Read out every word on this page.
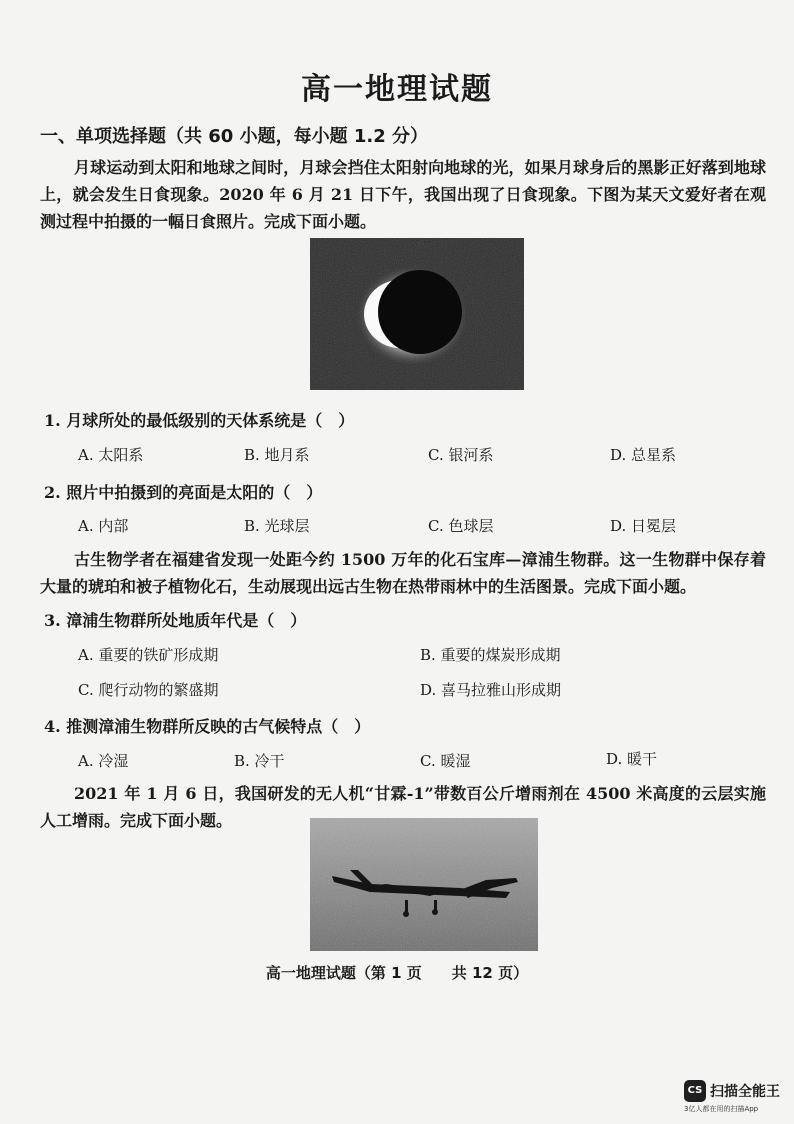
高一地理试题
一、单项选择题（共 60 小题，每小题 1.2 分）
月球运动到太阳和地球之间时，月球会挡住太阳射向地球的光，如果月球身后的黑影正好落到地球上，就会发生日食现象。2020 年 6 月 21 日下午，我国出现了日食现象。下图为某天文爱好者在观测过程中拍摄的一幅日食照片。完成下面小题。
1. 月球所处的最低级别的天体系统是（　）
A. 太阳系	B. 地月系	C. 银河系	D. 总星系
2. 照片中拍摄到的亮面是太阳的（　）
A. 内部	B. 光球层	C. 色球层	D. 日冕层
古生物学者在福建省发现一处距今约 1500 万年的化石宝库—漳浦生物群。这一生物群中保存着大量的琥珀和被子植物化石，生动展现出远古生物在热带雨林中的生活图景。完成下面小题。
3. 漳浦生物群所处地质年代是（　）
A. 重要的铁矿形成期	B. 重要的煤炭形成期
C. 爬行动物的繁盛期	D. 喜马拉雅山形成期
4. 推测漳浦生物群所反映的古气候特点（　）
A. 冷湿	B. 冷干	C. 暖湿	D. 暖干
2021 年 1 月 6 日，我国研发的无人机“甘霖-1”带数百公斤增雨剂在 4500 米高度的云层实施人工增雨。完成下面小题。
高一地理试题（第 1 页　　共 12 页）
CS 扫描全能王
3亿人都在用的扫描App
